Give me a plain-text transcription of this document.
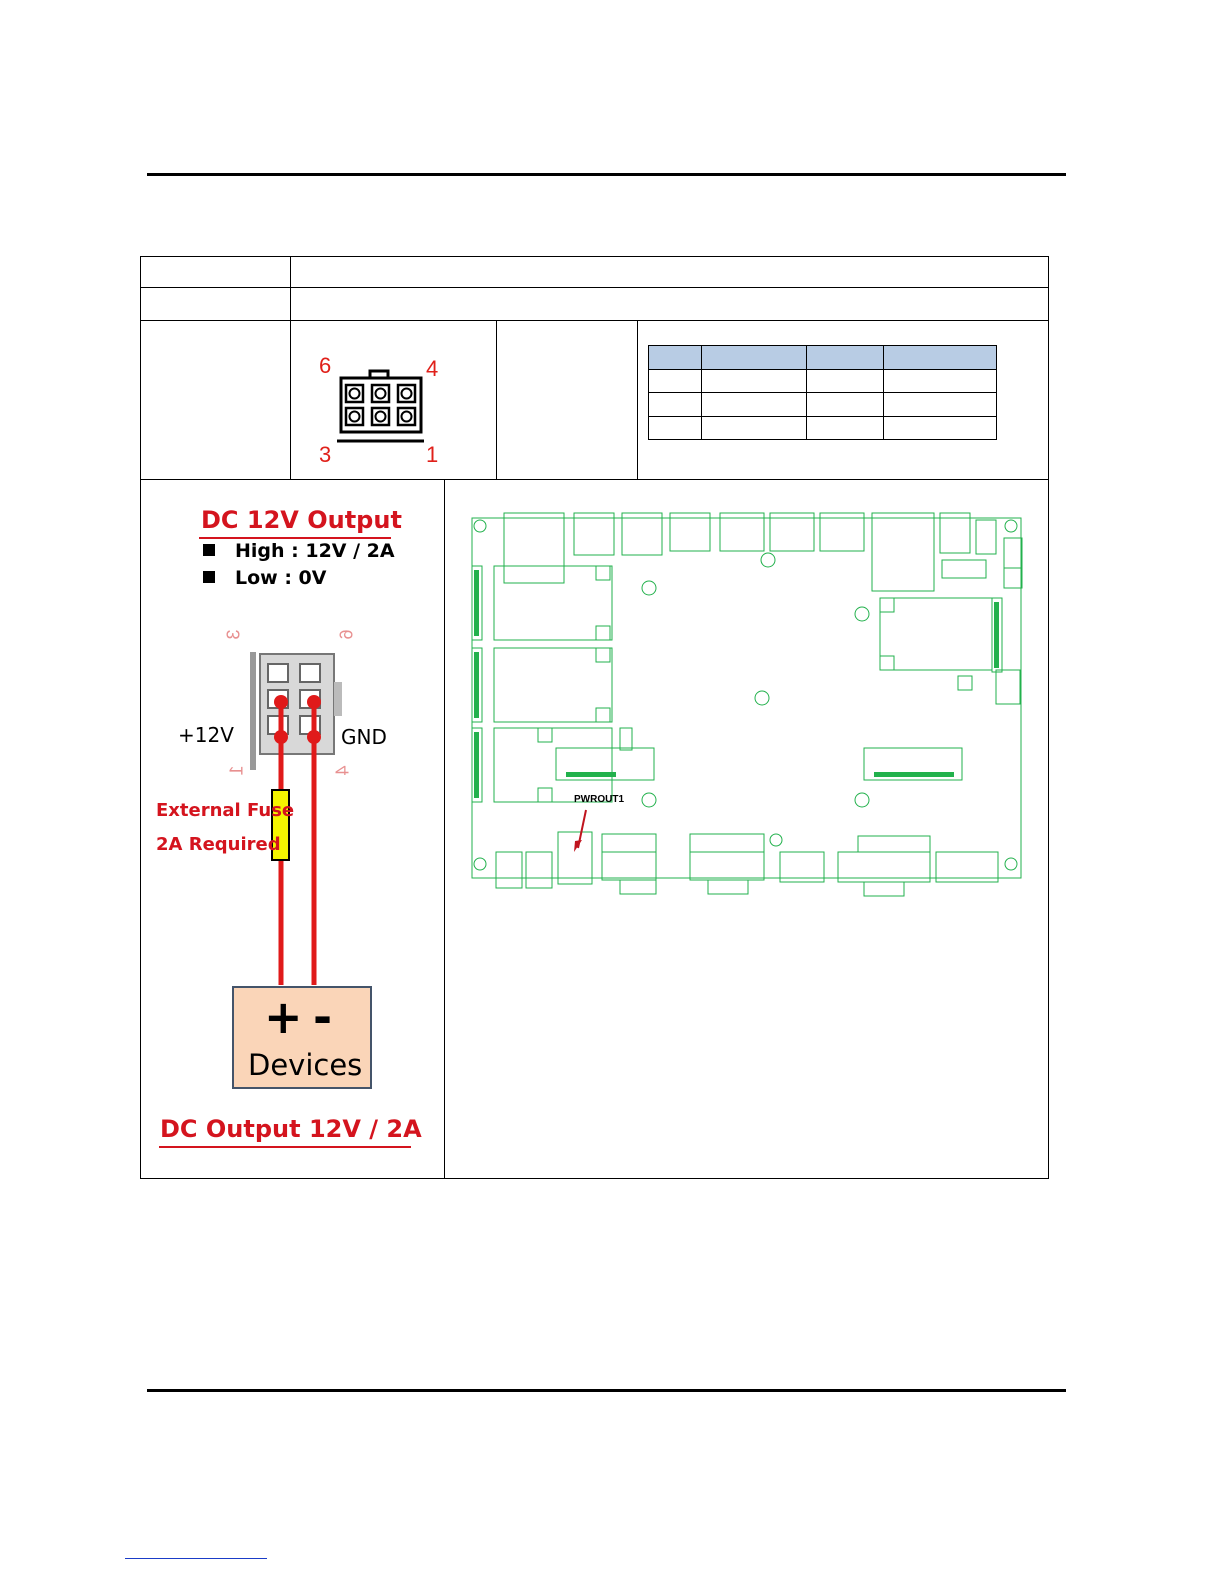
6	4
3	1

DC 12V Output
High : 12V / 2A
Low : 0V
3	6
1	4
+12V	GND
External Fuse
2A Required
+ -
Devices
DC Output 12V / 2A
PWROUT1
